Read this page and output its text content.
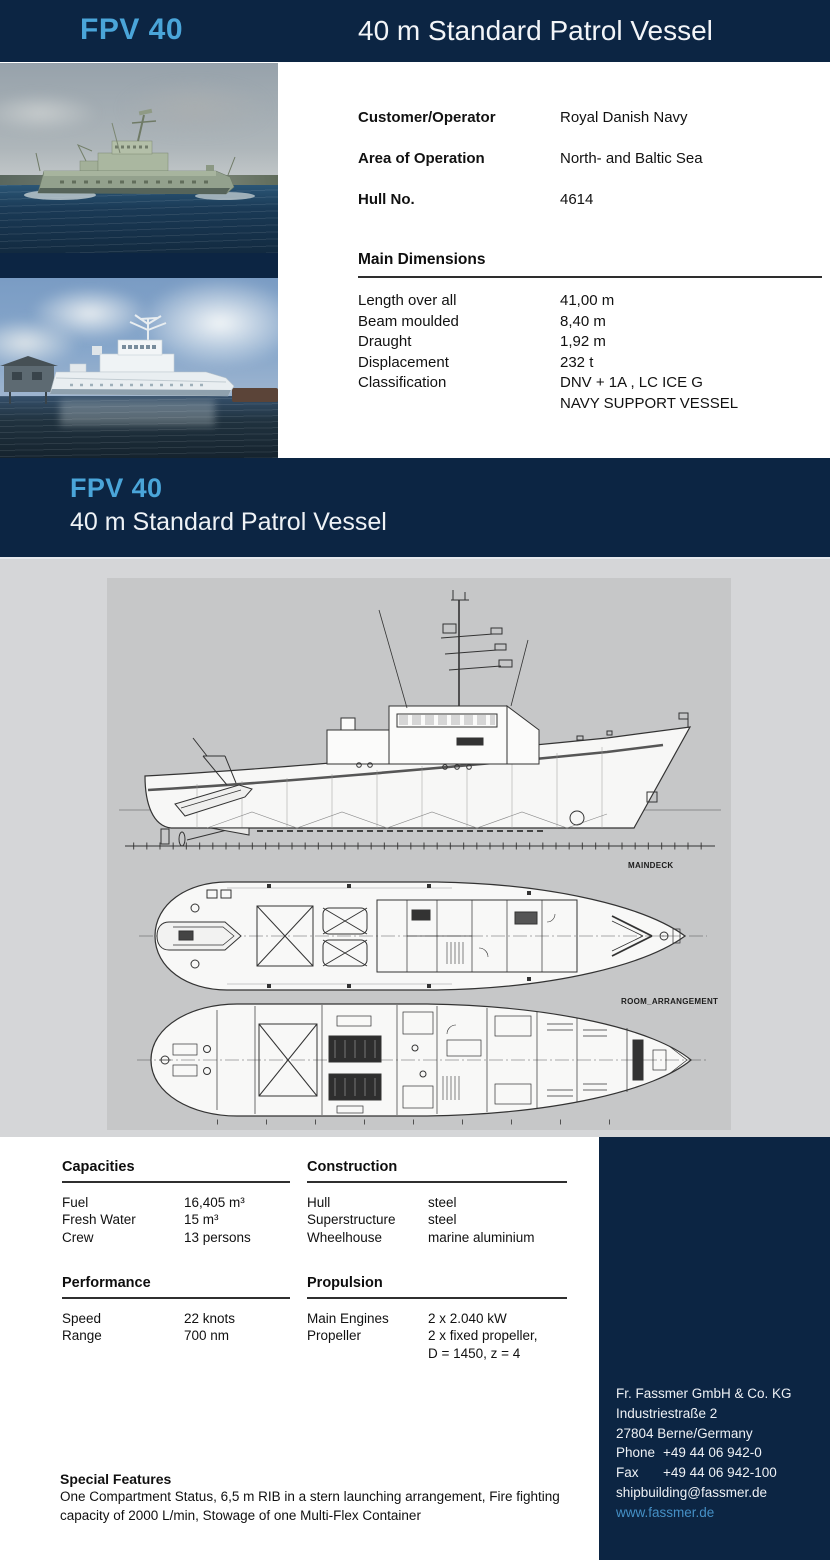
FPV 40	40 m Standard Patrol Vessel
Customer/Operator	Royal Danish Navy
Area of Operation	North- and Baltic Sea
Hull No.	4614
Main Dimensions
Length over all	41,00 m
Beam moulded	8,40 m
Draught	1,92 m
Displacement	232 t
Classification	DNV + 1A , LC ICE G
NAVY SUPPORT VESSEL
FPV 40
40 m Standard Patrol Vessel
MAINDECK
ROOM_ARRANGEMENT
Capacities
Fuel	16,405 m³
Fresh Water	15 m³
Crew	13 persons
Construction
Hull	steel
Superstructure	steel
Wheelhouse	marine aluminium
Performance
Speed	22 knots
Range	700 nm
Propulsion
Main Engines	2 x 2.040 kW
Propeller	2 x fixed propeller,
D = 1450, z = 4
Special Features
One Compartment Status, 6,5 m RIB in a stern launching arrangement, Fire fighting
capacity of 2000 L/min, Stowage of one Multi-Flex Container
Fr. Fassmer GmbH & Co. KG
Industriestraße 2
27804 Berne/Germany
Phone +49 44 06 942-0
Fax	+49 44 06 942-100
shipbuilding@fassmer.de
www.fassmer.de
